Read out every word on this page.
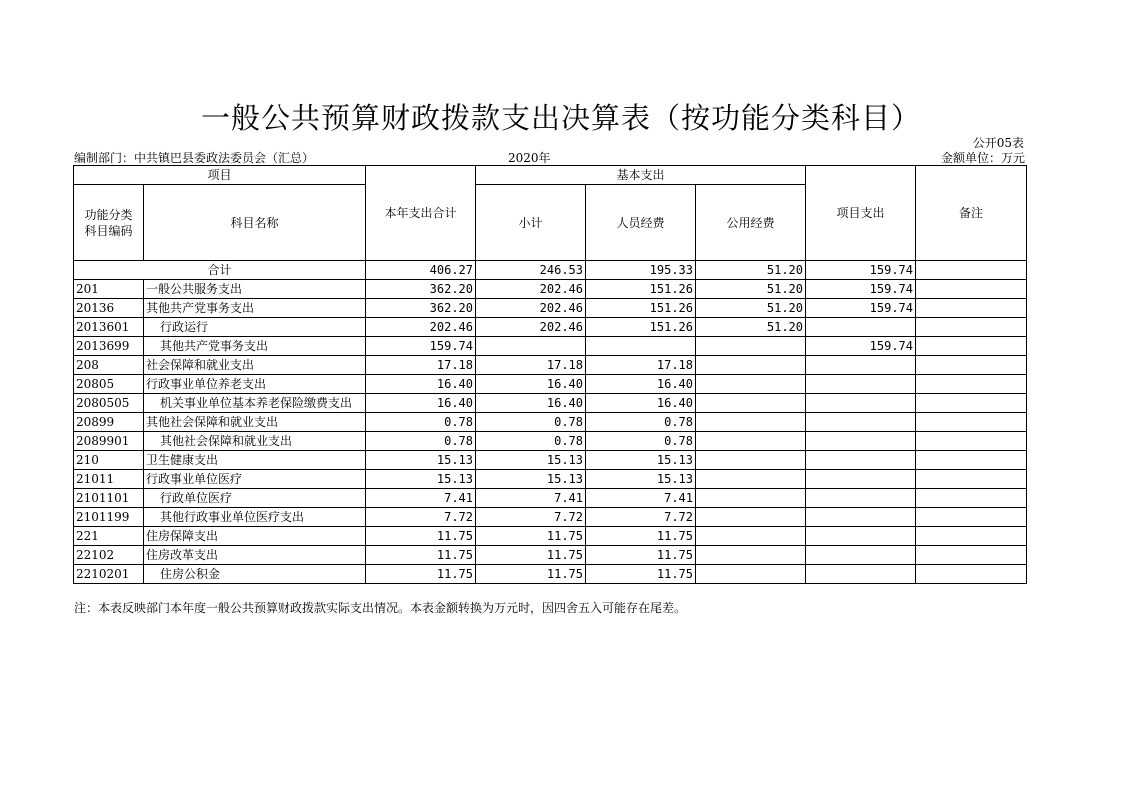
一般公共预算财政拨款支出决算表（按功能分类科目）
公开05表
编制部门：中共镇巴县委政法委员会（汇总）	2020年	金额单位：万元
项目		本年支出合计	基本支出			项目支出	备注
功能分类科目编码	科目名称		小计	人员经费	公用经费		
合计		406.27	246.53	195.33	51.20	159.74	
201	一般公共服务支出	362.20	202.46	151.26	51.20	159.74	
20136	其他共产党事务支出	362.20	202.46	151.26	51.20	159.74	
2013601	行政运行	202.46	202.46	151.26	51.20		
2013699	其他共产党事务支出	159.74				159.74	
208	社会保障和就业支出	17.18	17.18	17.18			
20805	行政事业单位养老支出	16.40	16.40	16.40			
2080505	机关事业单位基本养老保险缴费支出	16.40	16.40	16.40			
20899	其他社会保障和就业支出	0.78	0.78	0.78			
2089901	其他社会保障和就业支出	0.78	0.78	0.78			
210	卫生健康支出	15.13	15.13	15.13			
21011	行政事业单位医疗	15.13	15.13	15.13			
2101101	行政单位医疗	7.41	7.41	7.41			
2101199	其他行政事业单位医疗支出	7.72	7.72	7.72			
221	住房保障支出	11.75	11.75	11.75			
22102	住房改革支出	11.75	11.75	11.75			
2210201	住房公积金	11.75	11.75	11.75			
注：本表反映部门本年度一般公共预算财政拨款实际支出情况。本表金额转换为万元时，因四舍五入可能存在尾差。
